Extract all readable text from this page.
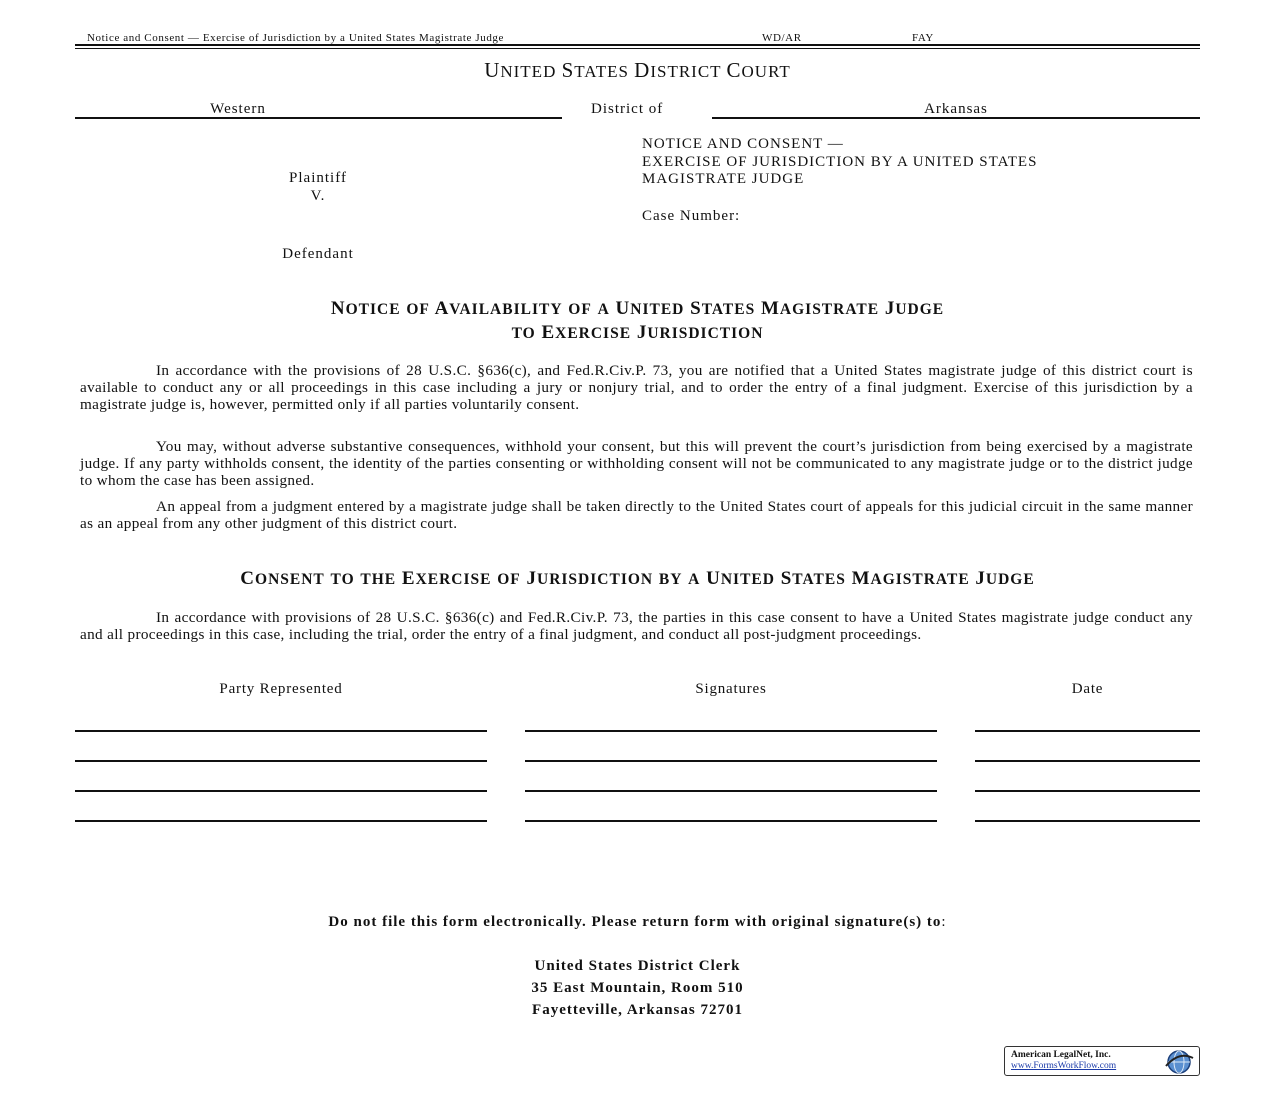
Notice and Consent — Exercise of Jurisdiction by a United States Magistrate Judge	WD/AR	FAY
UNITED STATES DISTRICT COURT
Western	District of	Arkansas
Plaintiff
V.
Defendant
NOTICE AND CONSENT —
EXERCISE OF JURISDICTION BY A UNITED STATES
MAGISTRATE JUDGE
Case Number:
NOTICE OF AVAILABILITY OF A UNITED STATES MAGISTRATE JUDGE
TO EXERCISE JURISDICTION
In accordance with the provisions of 28 U.S.C. §636(c), and Fed.R.Civ.P. 73, you are notified that a United States magistrate judge of this district court is available to conduct any or all proceedings in this case including a jury or nonjury trial, and to order the entry of a final judgment. Exercise of this jurisdiction by a magistrate judge is, however, permitted only if all parties voluntarily consent.
You may, without adverse substantive consequences, withhold your consent, but this will prevent the court’s jurisdiction from being exercised by a magistrate judge. If any party withholds consent, the identity of the parties consenting or withholding consent will not be communicated to any magistrate judge or to the district judge to whom the case has been assigned.
An appeal from a judgment entered by a magistrate judge shall be taken directly to the United States court of appeals for this judicial circuit in the same manner as an appeal from any other judgment of this district court.
CONSENT TO THE EXERCISE OF JURISDICTION BY A UNITED STATES MAGISTRATE JUDGE
In accordance with provisions of 28 U.S.C. §636(c) and Fed.R.Civ.P. 73, the parties in this case consent to have a United States magistrate judge conduct any and all proceedings in this case, including the trial, order the entry of a final judgment, and conduct all post-judgment proceedings.
Party Represented	Signatures	Date
Do not file this form electronically. Please return form with original signature(s) to:
United States District Clerk
35 East Mountain, Room 510
Fayetteville, Arkansas 72701
American LegalNet, Inc.
www.FormsWorkFlow.com
